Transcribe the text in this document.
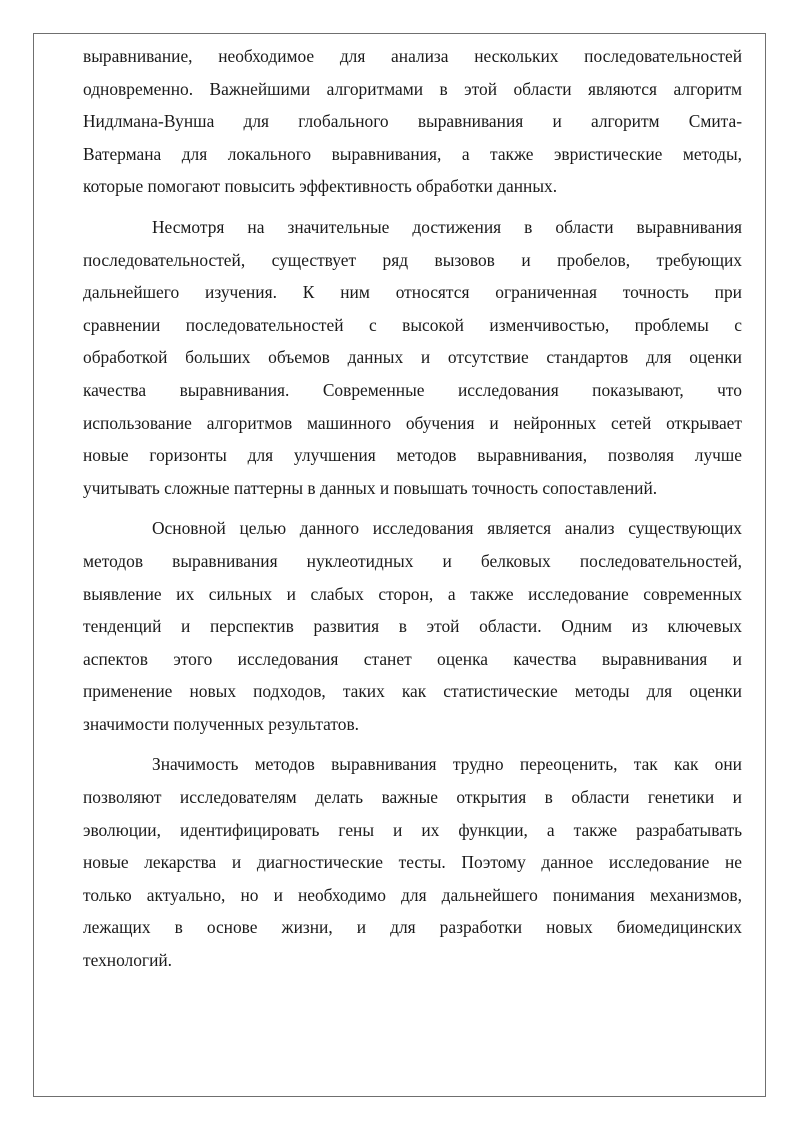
выравнивание, необходимое для анализа нескольких последовательностей
одновременно. Важнейшими алгоритмами в этой области являются алгоритм
Нидлмана-Вунша для глобального выравнивания и алгоритм Смита-
Ватермана для локального выравнивания, а также эвристические методы,
которые помогают повысить эффективность обработки данных.
Несмотря на значительные достижения в области выравнивания
последовательностей, существует ряд вызовов и пробелов, требующих
дальнейшего изучения. К ним относятся ограниченная точность при
сравнении последовательностей с высокой изменчивостью, проблемы с
обработкой больших объемов данных и отсутствие стандартов для оценки
качества выравнивания. Современные исследования показывают, что
использование алгоритмов машинного обучения и нейронных сетей открывает
новые горизонты для улучшения методов выравнивания, позволяя лучше
учитывать сложные паттерны в данных и повышать точность сопоставлений.
Основной целью данного исследования является анализ существующих
методов выравнивания нуклеотидных и белковых последовательностей,
выявление их сильных и слабых сторон, а также исследование современных
тенденций и перспектив развития в этой области. Одним из ключевых
аспектов этого исследования станет оценка качества выравнивания и
применение новых подходов, таких как статистические методы для оценки
значимости полученных результатов.
Значимость методов выравнивания трудно переоценить, так как они
позволяют исследователям делать важные открытия в области генетики и
эволюции, идентифицировать гены и их функции, а также разрабатывать
новые лекарства и диагностические тесты. Поэтому данное исследование не
только актуально, но и необходимо для дальнейшего понимания механизмов,
лежащих в основе жизни, и для разработки новых биомедицинских
технологий.
